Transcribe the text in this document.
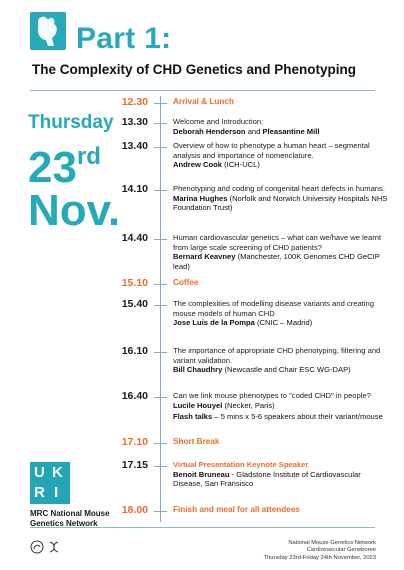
Part 1:
The Complexity of CHD Genetics and Phenotyping
Thursday
23rd
Nov.
12.30	Arrival & Lunch
13.30	Welcome and Introduction:
Deborah Henderson and Pleasantine Mill
13.40	Overview of how to phenotype a human heart – segmental analysis and importance of nomenclature.
Andrew Cook (ICH-UCL)
14.10	Phenotyping and coding of congenital heart defects in humans.
Marina Hughes (Norfolk and Norwich University Hospitals NHS Foundation Trust)
14.40	Human cardiovascular genetics – what can we/have we learnt from large scale screening of CHD patients?
Bernard Keavney (Manchester, 100K Genomes CHD GeCIP lead)
15.10	Coffee
15.40	The complexities of modelling disease variants and creating mouse models of human CHD
Jose Luis de la Pompa (CNIC – Madrid)
16.10	The importance of appropriate CHD phenotyping, filtering and variant validation.
Bill Chaudhry (Newcastle and Chair ESC WG-DAP)
16.40	Can we link mouse phenotypes to "coded CHD" in people?
Lucile Houyel (Necker, Paris)
Flash talks – 5 mins x 5-6 speakers about their variant/mouse
17.10	Short Break
17.15	Virtual Presentation Keynote Speaker
Benoit Bruneau - Gladstone Institute of Cardiovascular Disease, San Fransisco
18.00	Finish and meal for all attendees
U K
R I
MRC National Mouse Genetics Network

National Mouse Genetics Network
Cardiovascular Geneboree
Thursday 23rd-Friday 24th November, 2023
